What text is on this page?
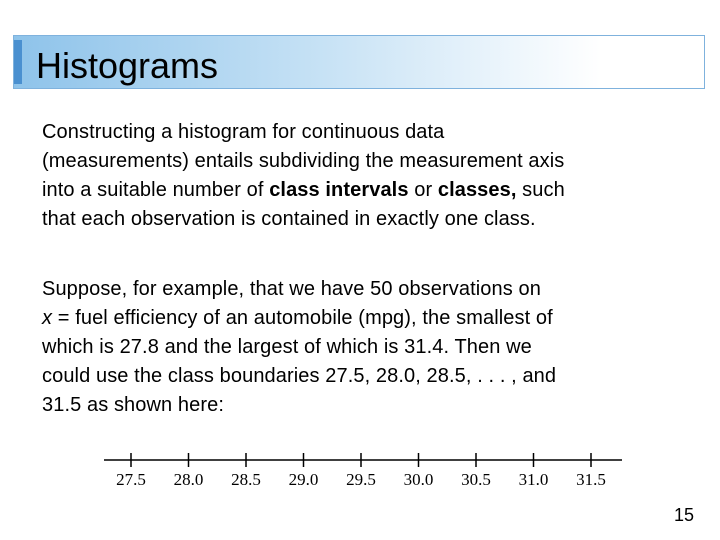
Histograms
Constructing a histogram for continuous data
(measurements) entails subdividing the measurement axis
into a suitable number of class intervals or classes, such
that each observation is contained in exactly one class.
Suppose, for example, that we have 50 observations on
x = fuel efficiency of an automobile (mpg), the smallest of
which is 27.8 and the largest of which is 31.4. Then we
could use the class boundaries 27.5, 28.0, 28.5, . . . , and
31.5 as shown here:
27.5 28.0 28.5 29.0 29.5 30.0 30.5 31.0 31.5
15
